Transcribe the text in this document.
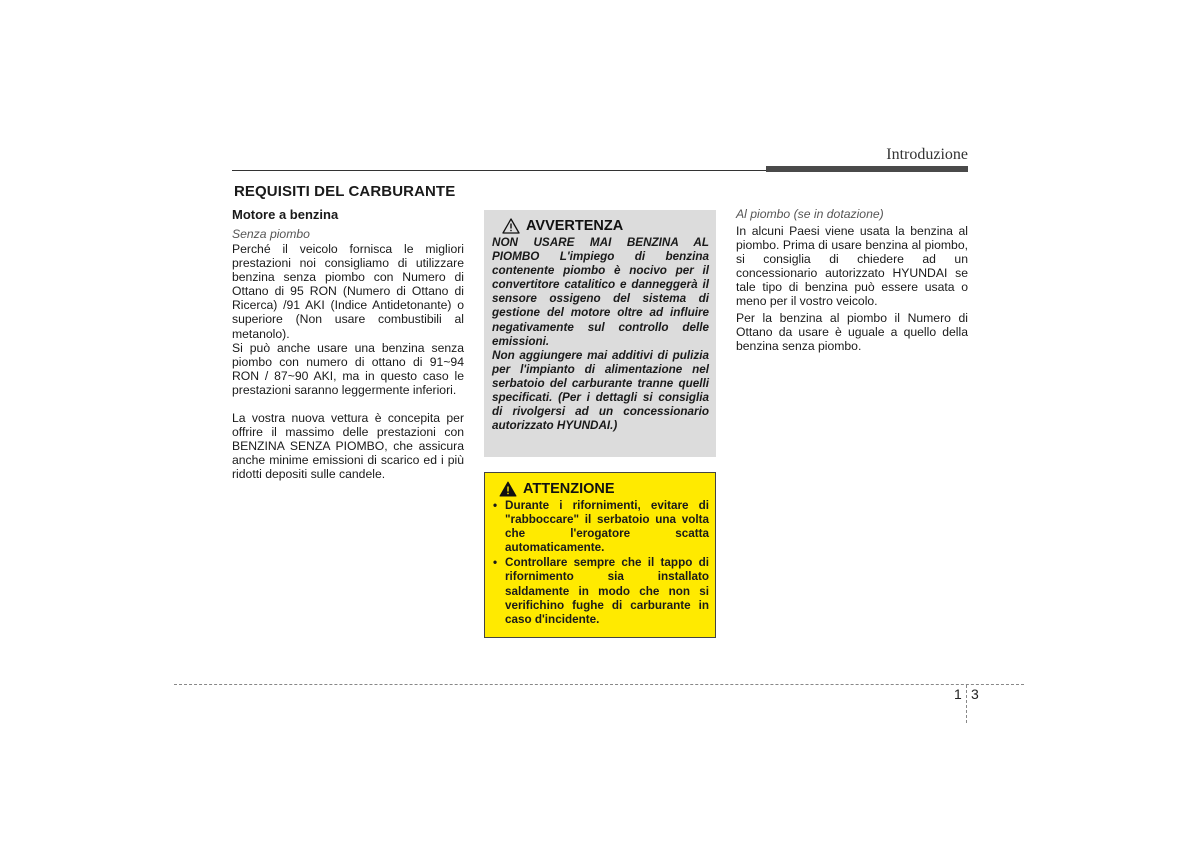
Introduzione
REQUISITI DEL CARBURANTE
Motore a benzina

Senza piombo

Perché il veicolo fornisca le migliori prestazioni noi consigliamo di utilizzare benzina senza piombo con Numero di Ottano di 95 RON (Numero di Ottano di Ricerca) /91 AKI (Indice Antidetonante) o superiore (Non usare combustibili al metanolo).

Si può anche usare una benzina senza piombo con numero di ottano di 91~94 RON / 87~90 AKI, ma in questo caso le prestazioni saranno leggermente inferiori.

La vostra nuova vettura è concepita per offrire il massimo delle prestazioni con BENZINA SENZA PIOMBO, che assicura anche minime emissioni di scarico ed i più ridotti depositi sulle candele.

AVVERTENZA

NON USARE MAI BENZINA AL PIOMBO L'impiego di benzina contenente piombo è nocivo per il convertitore catalitico e danneggerà il sensore ossigeno del sistema di gestione del motore oltre ad influire negativamente sul controllo delle emissioni.

Non aggiungere mai additivi di pulizia per l'impianto di alimentazione nel serbatoio del carburante tranne quelli specificati. (Per i dettagli si consiglia di rivolgersi ad un concessionario autorizzato HYUNDAI.)

ATTENZIONE
• Durante i rifornimenti, evitare di "rabboccare" il serbatoio una volta che l'erogatore scatta automaticamente.
• Controllare sempre che il tappo di rifornimento sia installato saldamente in modo che non si verifichino fughe di carburante in caso d'incidente.

Al piombo (se in dotazione)

In alcuni Paesi viene usata la benzina al piombo. Prima di usare benzina al piombo, si consiglia di chiedere ad un concessionario autorizzato HYUNDAI se tale tipo di benzina può essere usata o meno per il vostro veicolo.

Per la benzina al piombo il Numero di Ottano da usare è uguale a quello della benzina senza piombo.

1 3
